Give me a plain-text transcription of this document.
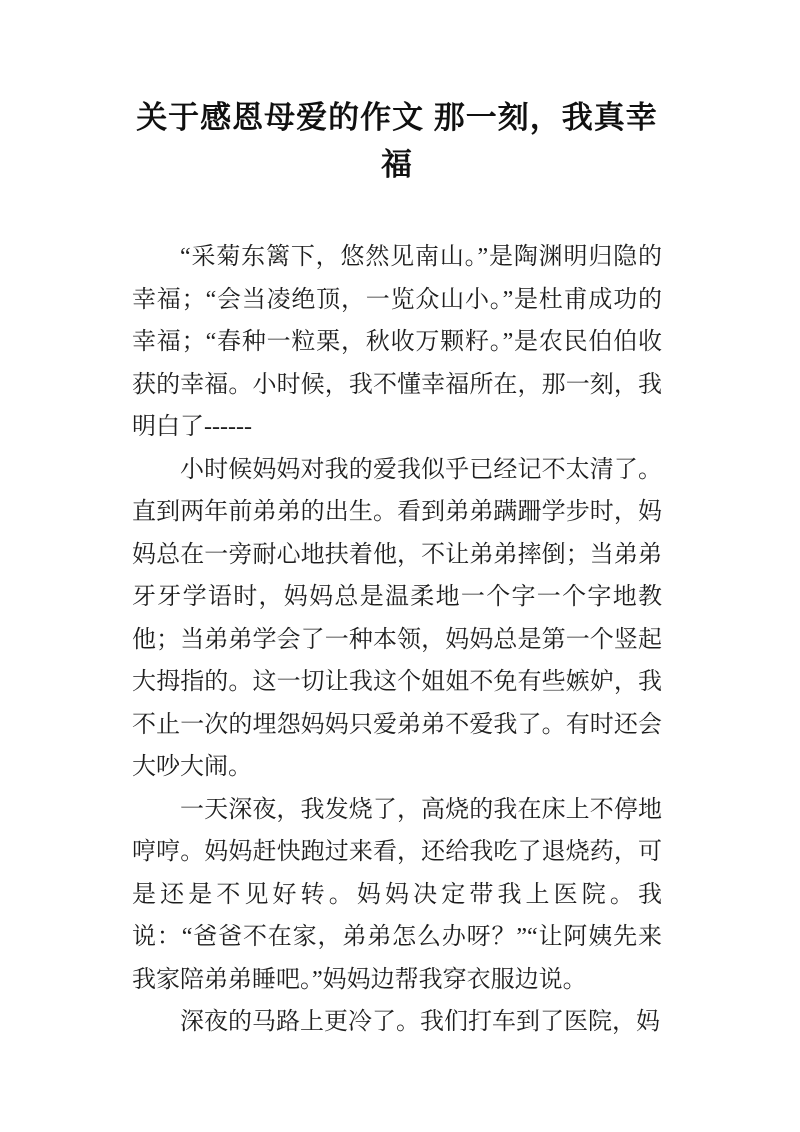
关于感恩母爱的作文 那一刻，我真幸福

“采菊东篱下，悠然见南山。”是陶渊明归隐的幸福；“会当凌绝顶，一览众山小。”是杜甫成功的幸福；“春种一粒栗，秋收万颗籽。”是农民伯伯收获的幸福。小时候，我不懂幸福所在，那一刻，我明白了------

小时候妈妈对我的爱我似乎已经记不太清了。直到两年前弟弟的出生。看到弟弟蹒跚学步时，妈妈总在一旁耐心地扶着他，不让弟弟摔倒；当弟弟牙牙学语时，妈妈总是温柔地一个字一个字地教他；当弟弟学会了一种本领，妈妈总是第一个竖起大拇指的。这一切让我这个姐姐不免有些嫉妒，我不止一次的埋怨妈妈只爱弟弟不爱我了。有时还会大吵大闹。

一天深夜，我发烧了，高烧的我在床上不停地哼哼。妈妈赶快跑过来看，还给我吃了退烧药，可是还是不见好转。妈妈决定带我上医院。我说：“爸爸不在家，弟弟怎么办呀？”“让阿姨先来我家陪弟弟睡吧。”妈妈边帮我穿衣服边说。

深夜的马路上更冷了。我们打车到了医院，妈
